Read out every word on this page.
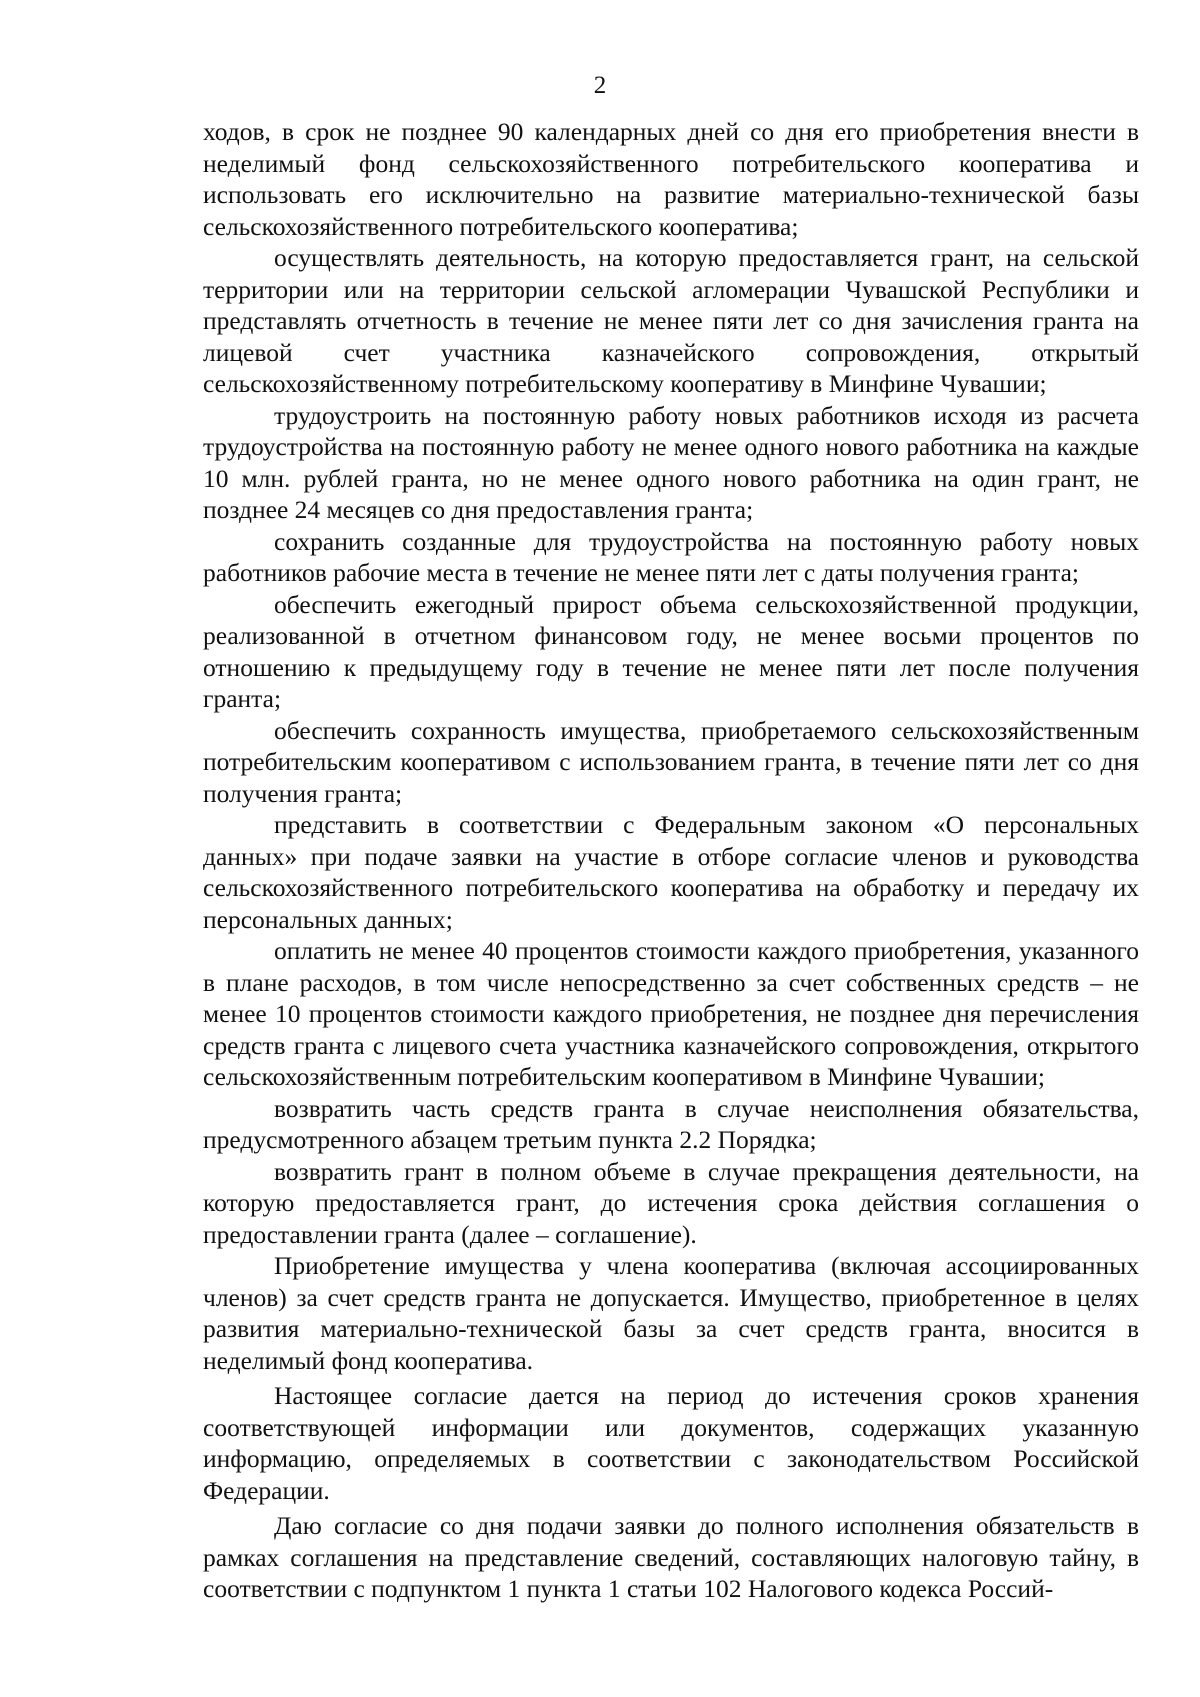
2

ходов, в срок не позднее 90 календарных дней со дня его приобретения внести в неделимый фонд сельскохозяйственного потребительского кооператива и использовать его исключительно на развитие материально-технической базы сельскохозяйственного потребительского кооператива;

осуществлять деятельность, на которую предоставляется грант, на сельской территории или на территории сельской агломерации Чувашской Республики и представлять отчетность в течение не менее пяти лет со дня зачисления гранта на лицевой счет участника казначейского сопровождения, открытый сельскохозяйственному потребительскому кооперативу в Минфине Чувашии;

трудоустроить на постоянную работу новых работников исходя из расчета трудоустройства на постоянную работу не менее одного нового работника на каждые 10 млн. рублей гранта, но не менее одного нового работника на один грант, не позднее 24 месяцев со дня предоставления гранта;

сохранить созданные для трудоустройства на постоянную работу новых работников рабочие места в течение не менее пяти лет с даты получения гранта;

обеспечить ежегодный прирост объема сельскохозяйственной продукции, реализованной в отчетном финансовом году, не менее восьми процентов по отношению к предыдущему году в течение не менее пяти лет после получения гранта;

обеспечить сохранность имущества, приобретаемого сельскохозяйственным потребительским кооперативом с использованием гранта, в течение пяти лет со дня получения гранта;

представить в соответствии с Федеральным законом «О персональных данных» при подаче заявки на участие в отборе согласие членов и руководства сельскохозяйственного потребительского кооператива на обработку и передачу их персональных данных;

оплатить не менее 40 процентов стоимости каждого приобретения, указанного в плане расходов, в том числе непосредственно за счет собственных средств – не менее 10 процентов стоимости каждого приобретения, не позднее дня перечисления средств гранта с лицевого счета участника казначейского сопровождения, открытого сельскохозяйственным потребительским кооперативом в Минфине Чувашии;

возвратить часть средств гранта в случае неисполнения обязательства, предусмотренного абзацем третьим пункта 2.2 Порядка;

возвратить грант в полном объеме в случае прекращения деятельности, на которую предоставляется грант, до истечения срока действия соглашения о предоставлении гранта (далее – соглашение).

Приобретение имущества у члена кооператива (включая ассоциированных членов) за счет средств гранта не допускается. Имущество, приобретенное в целях развития материально-технической базы за счет средств гранта, вносится в неделимый фонд кооператива.

Настоящее согласие дается на период до истечения сроков хранения соответствующей информации или документов, содержащих указанную информацию, определяемых в соответствии с законодательством Российской Федерации.

Даю согласие со дня подачи заявки до полного исполнения обязательств в рамках соглашения на представление сведений, составляющих налоговую тайну, в соответствии с подпунктом 1 пункта 1 статьи 102 Налогового кодекса Россий-
